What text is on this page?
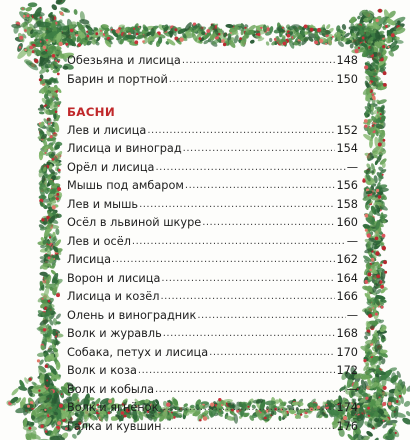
Обезьяна и лисица .....	148
Барин и портной .....	150
БАСНИ
Лев и лисица .....	152
Лисица и виноград .....	154
Орёл и лисица .....	—
Мышь под амбаром .....	156
Лев и мышь .....	158
Осёл в львиной шкуре .....	160
Лев и осёл .....	—
Лисица .....	162
Ворон и лисица .....	164
Лисица и козёл .....	166
Олень и виноградник .....	—
Волк и журавль .....	168
Собака, петух и лисица .....	170
Волк и коза .....	172
Волк и кобыла .....	—
Волк и ягнёнок .....	174
Галка и кувшин .....	176
